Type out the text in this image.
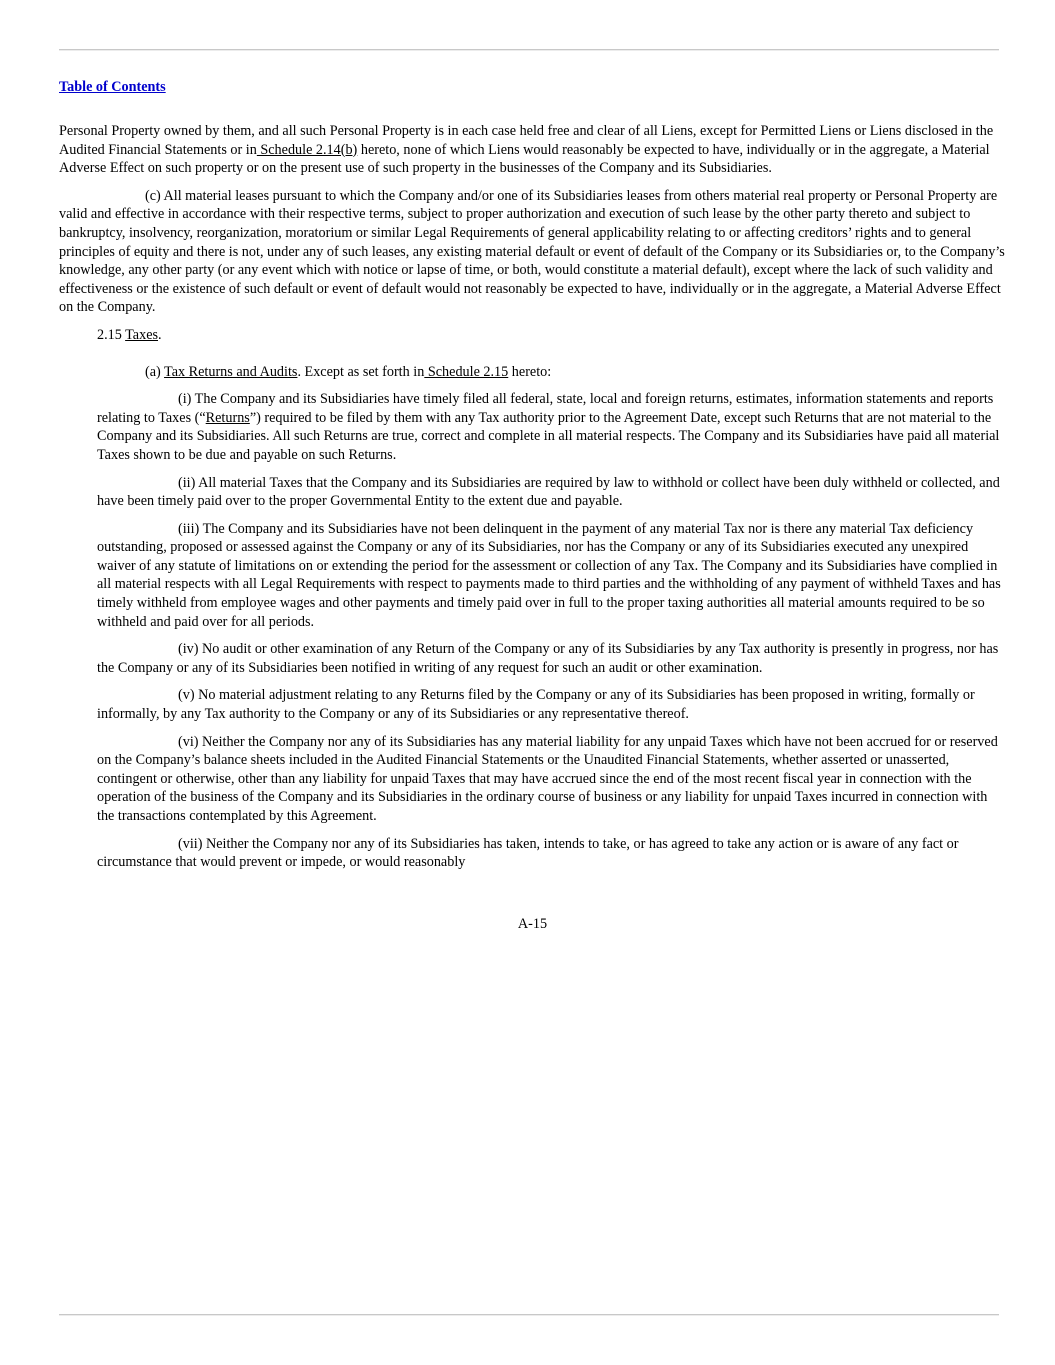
Table of Contents

Personal Property owned by them, and all such Personal Property is in each case held free and clear of all Liens, except for Permitted Liens or Liens disclosed in the Audited Financial Statements or in Schedule 2.14(b) hereto, none of which Liens would reasonably be expected to have, individually or in the aggregate, a Material Adverse Effect on such property or on the present use of such property in the businesses of the Company and its Subsidiaries.

(c) All material leases pursuant to which the Company and/or one of its Subsidiaries leases from others material real property or Personal Property are valid and effective in accordance with their respective terms, subject to proper authorization and execution of such lease by the other party thereto and subject to bankruptcy, insolvency, reorganization, moratorium or similar Legal Requirements of general applicability relating to or affecting creditors’ rights and to general principles of equity and there is not, under any of such leases, any existing material default or event of default of the Company or its Subsidiaries or, to the Company’s knowledge, any other party (or any event which with notice or lapse of time, or both, would constitute a material default), except where the lack of such validity and effectiveness or the existence of such default or event of default would not reasonably be expected to have, individually or in the aggregate, a Material Adverse Effect on the Company.

2.15 Taxes.

(a) Tax Returns and Audits. Except as set forth in Schedule 2.15 hereto:

(i) The Company and its Subsidiaries have timely filed all federal, state, local and foreign returns, estimates, information statements and reports relating to Taxes (“Returns”) required to be filed by them with any Tax authority prior to the Agreement Date, except such Returns that are not material to the Company and its Subsidiaries. All such Returns are true, correct and complete in all material respects. The Company and its Subsidiaries have paid all material Taxes shown to be due and payable on such Returns.

(ii) All material Taxes that the Company and its Subsidiaries are required by law to withhold or collect have been duly withheld or collected, and have been timely paid over to the proper Governmental Entity to the extent due and payable.

(iii) The Company and its Subsidiaries have not been delinquent in the payment of any material Tax nor is there any material Tax deficiency outstanding, proposed or assessed against the Company or any of its Subsidiaries, nor has the Company or any of its Subsidiaries executed any unexpired waiver of any statute of limitations on or extending the period for the assessment or collection of any Tax. The Company and its Subsidiaries have complied in all material respects with all Legal Requirements with respect to payments made to third parties and the withholding of any payment of withheld Taxes and has timely withheld from employee wages and other payments and timely paid over in full to the proper taxing authorities all material amounts required to be so withheld and paid over for all periods.

(iv) No audit or other examination of any Return of the Company or any of its Subsidiaries by any Tax authority is presently in progress, nor has the Company or any of its Subsidiaries been notified in writing of any request for such an audit or other examination.

(v) No material adjustment relating to any Returns filed by the Company or any of its Subsidiaries has been proposed in writing, formally or informally, by any Tax authority to the Company or any of its Subsidiaries or any representative thereof.

(vi) Neither the Company nor any of its Subsidiaries has any material liability for any unpaid Taxes which have not been accrued for or reserved on the Company’s balance sheets included in the Audited Financial Statements or the Unaudited Financial Statements, whether asserted or unasserted, contingent or otherwise, other than any liability for unpaid Taxes that may have accrued since the end of the most recent fiscal year in connection with the operation of the business of the Company and its Subsidiaries in the ordinary course of business or any liability for unpaid Taxes incurred in connection with the transactions contemplated by this Agreement.

(vii) Neither the Company nor any of its Subsidiaries has taken, intends to take, or has agreed to take any action or is aware of any fact or circumstance that would prevent or impede, or would reasonably

A-15
